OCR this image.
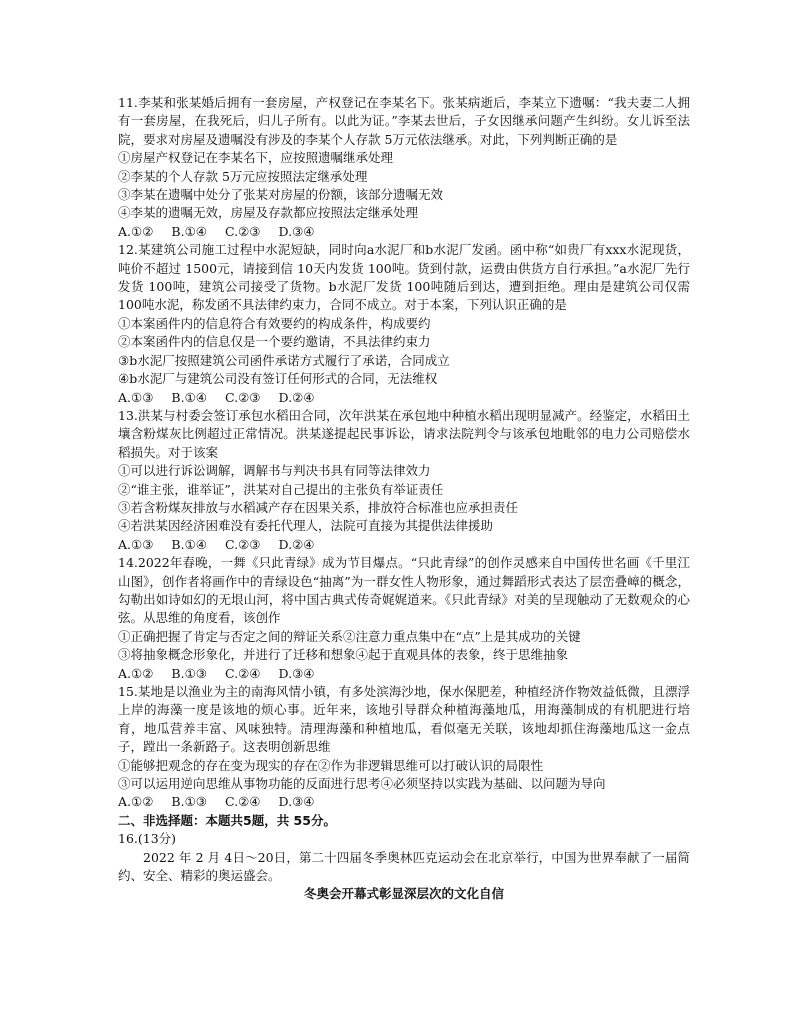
11.李某和张某婚后拥有一套房屋，产权登记在李某名下。张某病逝后，李某立下遗嘱：“我夫妻二人拥有一套房屋，在我死后，归儿子所有。以此为证。”李某去世后，子女因继承问题产生纠纷。女儿诉至法院，要求对房屋及遗嘱没有涉及的李某个人存款 5万元依法继承。对此，下列判断正确的是

①房屋产权登记在李某名下，应按照遗嘱继承处理

②李某的个人存款 5万元应按照法定继承处理

③李某在遗嘱中处分了张某对房屋的份额，该部分遗嘱无效

④李某的遗嘱无效，房屋及存款都应按照法定继承处理

A.①② B.①④ C.②③ D.③④

12.某建筑公司施工过程中水泥短缺，同时向a水泥厂和b水泥厂发函。函中称“如贵厂有xxx水泥现货，吨价不超过 1500元，请接到信 10天内发货 100吨。货到付款，运费由供货方自行承担。”a水泥厂先行发货 100吨，建筑公司接受了货物。b水泥厂发货 100吨随后到达，遭到拒绝。理由是建筑公司仅需 100吨水泥，称发函不具法律约束力，合同不成立。对于本案，下列认识正确的是

①本案函件内的信息符合有效要约的构成条件，构成要约

②本案函件内的信息仅是一个要约邀请，不具法律约束力

③b水泥厂按照建筑公司函件承诺方式履行了承诺，合同成立

④b水泥厂与建筑公司没有签订任何形式的合同，无法维权

A.①③ B.①④ C.②③ D.②④

13.洪某与村委会签订承包水稻田合同，次年洪某在承包地中种植水稻出现明显减产。经鉴定，水稻田土壤含粉煤灰比例超过正常情况。洪某遂提起民事诉讼，请求法院判令与该承包地毗邻的电力公司赔偿水稻损失。对于该案

①可以进行诉讼调解，调解书与判决书具有同等法律效力

②“谁主张，谁举证”，洪某对自己提出的主张负有举证责任

③若含粉煤灰排放与水稻减产存在因果关系，排放符合标准也应承担责任

④若洪某因经济困难没有委托代理人，法院可直接为其提供法律援助

A.①③ B.①④ C.②③ D.②④

14.2022年春晚，一舞《只此青绿》成为节目爆点。“只此青绿”的创作灵感来自中国传世名画《千里江山图》，创作者将画作中的青绿设色“抽离”为一群女性人物形象，通过舞蹈形式表达了层峦叠嶂的概念，勾勒出如诗如幻的无垠山河，将中国古典式传奇娓娓道来。《只此青绿》对美的呈现触动了无数观众的心弦。从思维的角度看，该创作

①正确把握了肯定与否定之间的辩证关系②注意力重点集中在“点”上是其成功的关键

③将抽象概念形象化，并进行了迁移和想象④起于直观具体的表象，终于思维抽象

A.①② B.①③ C.②④ D.③④

15.某地是以渔业为主的南海风情小镇，有多处滨海沙地，保水保肥差，种植经济作物效益低微，且漂浮上岸的海藻一度是该地的烦心事。近年来，该地引导群众种植海藻地瓜，用海藻制成的有机肥进行培育，地瓜营养丰富、风味独特。清理海藻和种植地瓜，看似毫无关联，该地却抓住海藻地瓜这一金点子，蹚出一条新路子。这表明创新思维

①能够把观念的存在变为现实的存在②作为非逻辑思维可以打破认识的局限性

③可以运用逆向思维从事物功能的反面进行思考④必须坚持以实践为基础、以问题为导向

A.①② B.①③ C.②④ D.③④

二、非选择题：本题共5题，共 55分。

16.(13分)

2022 年 2 月 4日～20日，第二十四届冬季奥林匹克运动会在北京举行，中国为世界奉献了一届简约、安全、精彩的奥运盛会。

冬奥会开幕式彰显深层次的文化自信
